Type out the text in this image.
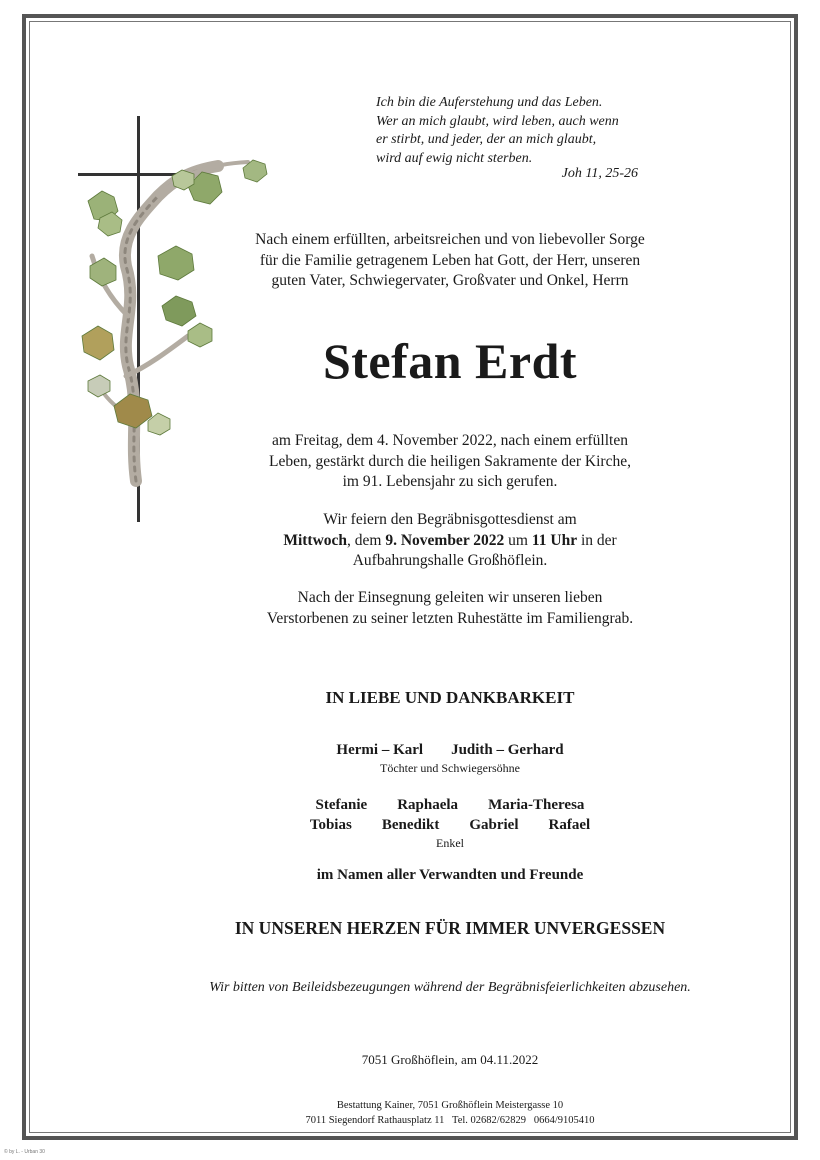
Ich bin die Auferstehung und das Leben.
Wer an mich glaubt, wird leben, auch wenn
er stirbt, und jeder, der an mich glaubt,
wird auf ewig nicht sterben.
Joh 11, 25-26
Nach einem erfüllten, arbeitsreichen und von liebevoller Sorge
für die Familie getragenem Leben hat Gott, der Herr, unseren
guten Vater, Schwiegervater, Großvater und Onkel, Herrn
Stefan Erdt
am Freitag, dem 4. November 2022, nach einem erfüllten
Leben, gestärkt durch die heiligen Sakramente der Kirche,
im 91. Lebensjahr zu sich gerufen.
Wir feiern den Begräbnisgottesdienst am
Mittwoch, dem 9. November 2022 um 11 Uhr in der
Aufbahrungshalle Großhöflein.
Nach der Einsegnung geleiten wir unseren lieben
Verstorbenen zu seiner letzten Ruhestätte im Familiengrab.
IN LIEBE UND DANKBARKEIT
Hermi – Karl Judith – Gerhard
Töchter und Schwiegersöhne
Stefanie Raphaela Maria-Theresa
Tobias Benedikt Gabriel Rafael
Enkel
im Namen aller Verwandten und Freunde
IN UNSEREN HERZEN FÜR IMMER UNVERGESSEN
Wir bitten von Beileidsbezeugungen während der Begräbnisfeierlichkeiten abzusehen.
7051 Großhöflein, am 04.11.2022
Bestattung Kainer, 7051 Großhöflein Meistergasse 10
7011 Siegendorf Rathausplatz 11   Tel. 02682/62829   0664/9105410
© by L. - Urban 30
